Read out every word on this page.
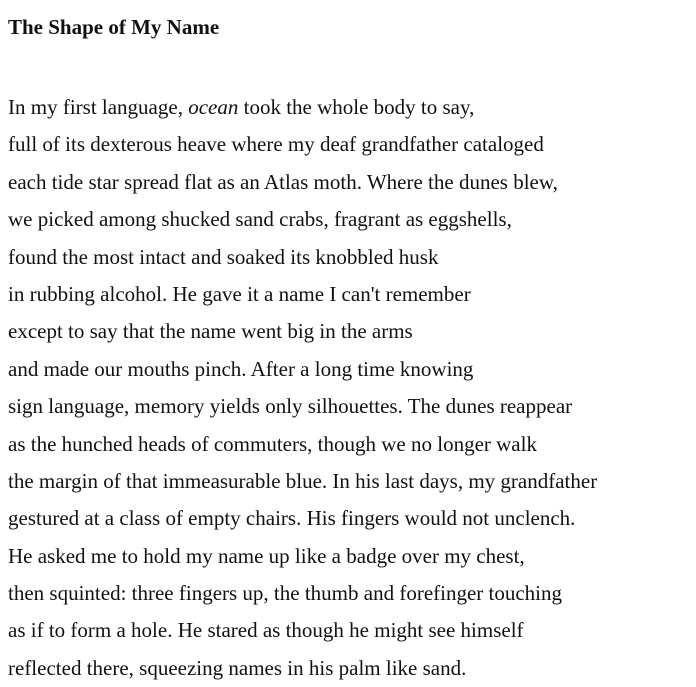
The Shape of My Name
In my first language, ocean took the whole body to say,
full of its dexterous heave where my deaf grandfather cataloged
each tide star spread flat as an Atlas moth. Where the dunes blew,
we picked among shucked sand crabs, fragrant as eggshells,
found the most intact and soaked its knobbled husk
in rubbing alcohol. He gave it a name I can't remember
except to say that the name went big in the arms
and made our mouths pinch. After a long time knowing
sign language, memory yields only silhouettes. The dunes reappear
as the hunched heads of commuters, though we no longer walk
the margin of that immeasurable blue. In his last days, my grandfather
gestured at a class of empty chairs. His fingers would not unclench.
He asked me to hold my name up like a badge over my chest,
then squinted: three fingers up, the thumb and forefinger touching
as if to form a hole. He stared as though he might see himself
reflected there, squeezing names in his palm like sand.
